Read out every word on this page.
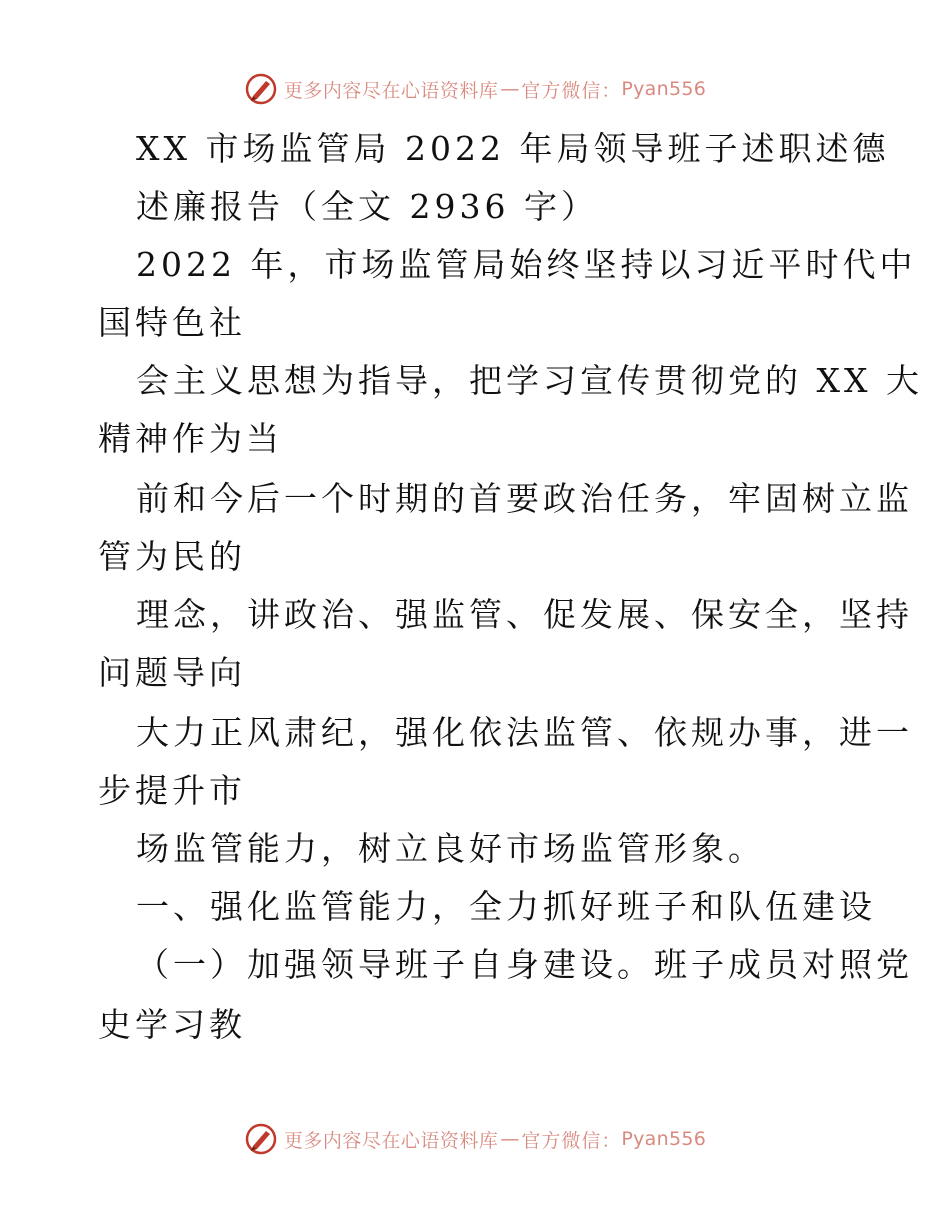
更多内容尽在心语资料库 — 官方微信： Pyan556
XX 市场监管局 2022 年局领导班子述职述德
述廉报告（全文 2936 字）
2022 年，市场监管局始终坚持以习近平时代中
国特色社
会主义思想为指导，把学习宣传贯彻党的 XX 大
精神作为当
前和今后一个时期的首要政治任务，牢固树立监
管为民的
理念，讲政治、强监管、促发展、保安全，坚持
问题导向
大力正风肃纪，强化依法监管、依规办事，进一
步提升市
场监管能力，树立良好市场监管形象。
一、强化监管能力，全力抓好班子和队伍建设
（一）加强领导班子自身建设。班子成员对照党
史学习教
更多内容尽在心语资料库 — 官方微信： Pyan556
